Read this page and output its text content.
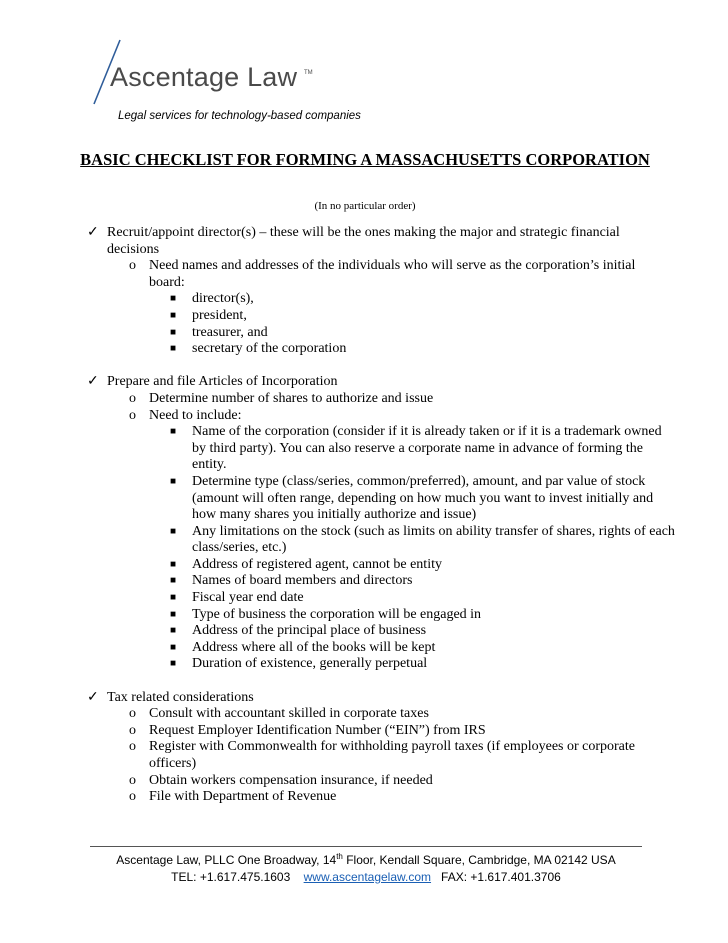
Ascentage Law TM
Legal services for technology-based companies
BASIC CHECKLIST FOR FORMING A MASSACHUSETTS CORPORATION
(In no particular order)
✓ Recruit/appoint director(s) – these will be the ones making the major and strategic financial decisions
o Need names and addresses of the individuals who will serve as the corporation’s initial board:
■ director(s),
■ president,
■ treasurer, and
■ secretary of the corporation
✓ Prepare and file Articles of Incorporation
o Determine number of shares to authorize and issue
o Need to include:
■ Name of the corporation (consider if it is already taken or if it is a trademark owned by third party). You can also reserve a corporate name in advance of forming the entity.
■ Determine type (class/series, common/preferred), amount, and par value of stock (amount will often range, depending on how much you want to invest initially and how many shares you initially authorize and issue)
■ Any limitations on the stock (such as limits on ability transfer of shares, rights of each class/series, etc.)
■ Address of registered agent, cannot be entity
■ Names of board members and directors
■ Fiscal year end date
■ Type of business the corporation will be engaged in
■ Address of the principal place of business
■ Address where all of the books will be kept
■ Duration of existence, generally perpetual
✓ Tax related considerations
o Consult with accountant skilled in corporate taxes
o Request Employer Identification Number (“EIN”) from IRS
o Register with Commonwealth for withholding payroll taxes (if employees or corporate officers)
o Obtain workers compensation insurance, if needed
o File with Department of Revenue
Ascentage Law, PLLC One Broadway, 14th Floor, Kendall Square, Cambridge, MA 02142 USA
TEL: +1.617.475.1603 www.ascentagelaw.com FAX: +1.617.401.3706
